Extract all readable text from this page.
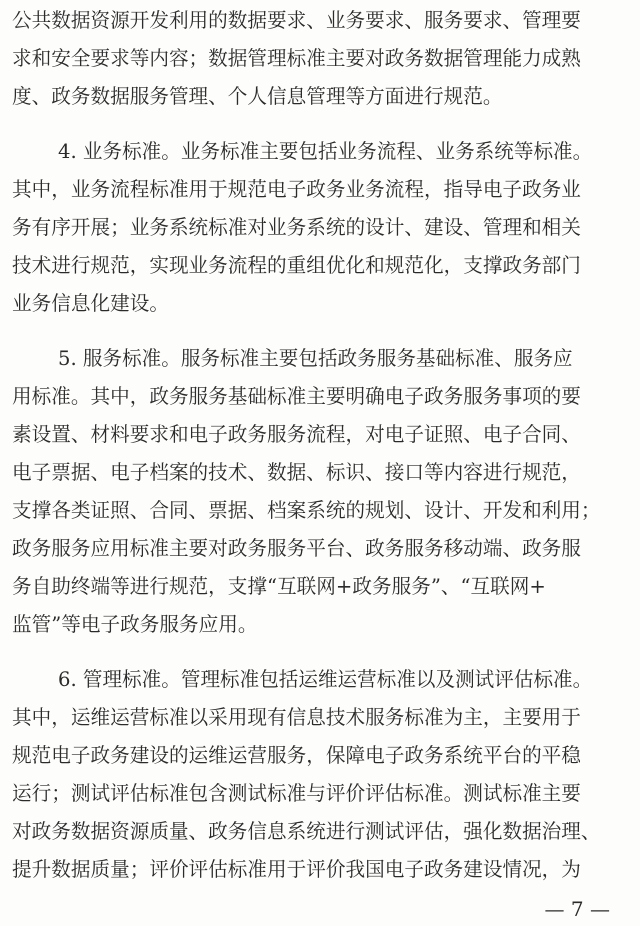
公共数据资源开发利用的数据要求、业务要求、服务要求、管理要
求和安全要求等内容；数据管理标准主要对政务数据管理能力成熟
度、政务数据服务管理、个人信息管理等方面进行规范。
4. 业务标准。业务标准主要包括业务流程、业务系统等标准。
其中，业务流程标准用于规范电子政务业务流程，指导电子政务业
务有序开展；业务系统标准对业务系统的设计、建设、管理和相关
技术进行规范，实现业务流程的重组优化和规范化，支撑政务部门
业务信息化建设。
5. 服务标准。服务标准主要包括政务服务基础标准、服务应
用标准。其中，政务服务基础标准主要明确电子政务服务事项的要
素设置、材料要求和电子政务服务流程，对电子证照、电子合同、
电子票据、电子档案的技术、数据、标识、接口等内容进行规范，
支撑各类证照、合同、票据、档案系统的规划、设计、开发和利用；
政务服务应用标准主要对政务服务平台、政务服务移动端、政务服
务自助终端等进行规范，支撑“互联网+政务服务”、“互联网+
监管”等电子政务服务应用。
6. 管理标准。管理标准包括运维运营标准以及测试评估标准。
其中，运维运营标准以采用现有信息技术服务标准为主，主要用于
规范电子政务建设的运维运营服务，保障电子政务系统平台的平稳
运行；测试评估标准包含测试标准与评价评估标准。测试标准主要
对政务数据资源质量、政务信息系统进行测试评估，强化数据治理、
提升数据质量；评价评估标准用于评价我国电子政务建设情况，为
— 7 —
